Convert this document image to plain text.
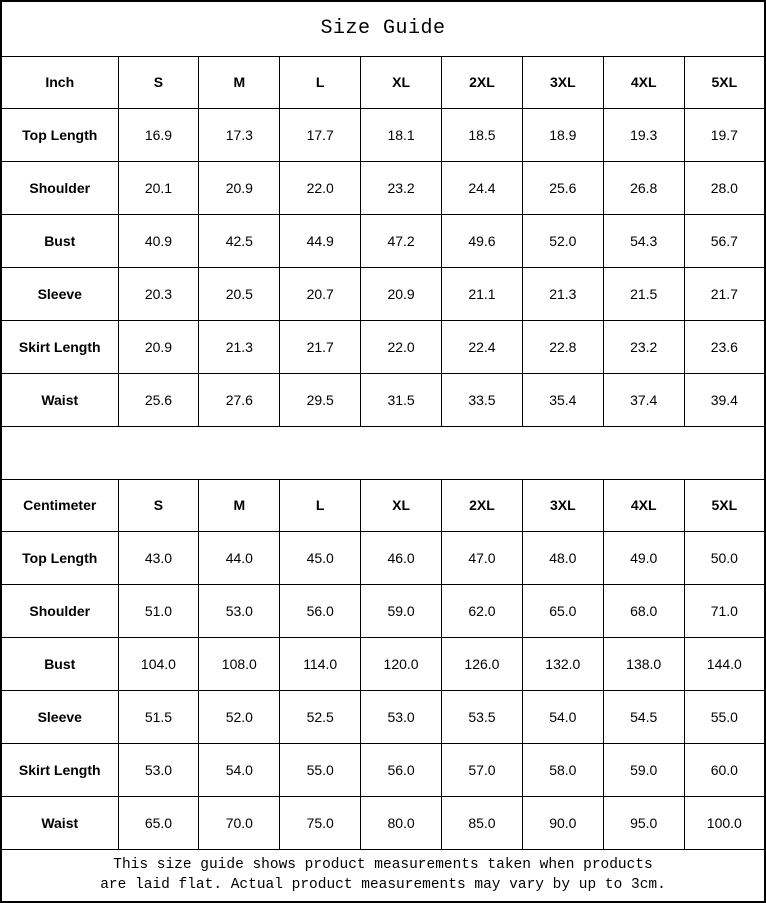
Size Guide								
Inch	S	M	L	XL	2XL	3XL	4XL	5XL
Top Length	16.9	17.3	17.7	18.1	18.5	18.9	19.3	19.7
Shoulder	20.1	20.9	22.0	23.2	24.4	25.6	26.8	28.0
Bust	40.9	42.5	44.9	47.2	49.6	52.0	54.3	56.7
Sleeve	20.3	20.5	20.7	20.9	21.1	21.3	21.5	21.7
Skirt Length	20.9	21.3	21.7	22.0	22.4	22.8	23.2	23.6
Waist	25.6	27.6	29.5	31.5	33.5	35.4	37.4	39.4

Centimeter	S	M	L	XL	2XL	3XL	4XL	5XL
Top Length	43.0	44.0	45.0	46.0	47.0	48.0	49.0	50.0
Shoulder	51.0	53.0	56.0	59.0	62.0	65.0	68.0	71.0
Bust	104.0	108.0	114.0	120.0	126.0	132.0	138.0	144.0
Sleeve	51.5	52.0	52.5	53.0	53.5	54.0	54.5	55.0
Skirt Length	53.0	54.0	55.0	56.0	57.0	58.0	59.0	60.0
Waist	65.0	70.0	75.0	80.0	85.0	90.0	95.0	100.0

This size guide shows product measurements taken when products
are laid flat. Actual product measurements may vary by up to 3cm.								
